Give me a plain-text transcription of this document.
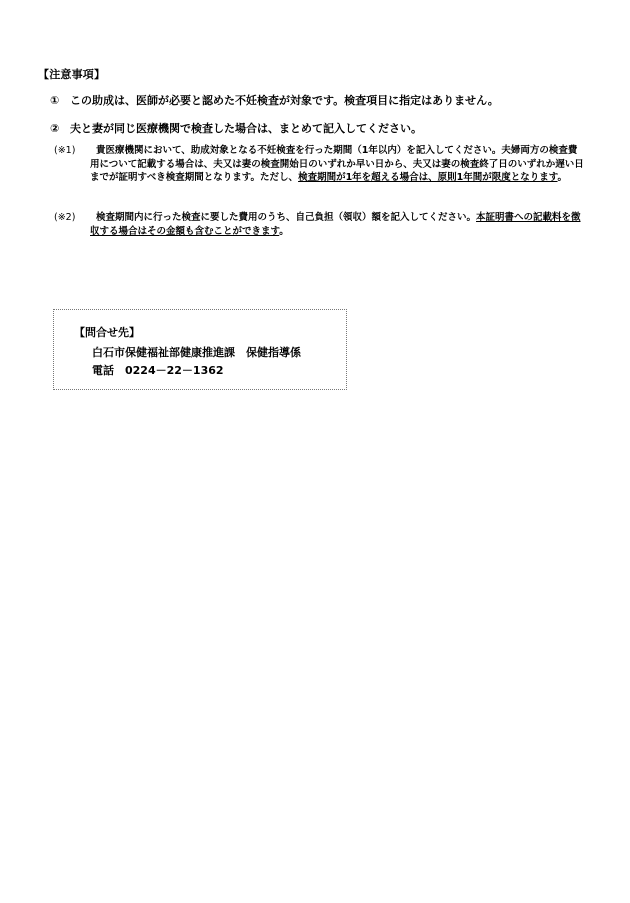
【注意事項】
① この助成は、医師が必要と認めた不妊検査が対象です。検査項目に指定はありません。
② 夫と妻が同じ医療機関で検査した場合は、まとめて記入してください。
(※1)	貴医療機関において、助成対象となる不妊検査を行った期間（1年以内）を記入してください。夫婦両方の検査費用について記載する場合は、夫又は妻の検査開始日のいずれか早い日から、夫又は妻の検査終了日のいずれか遅い日までが証明すべき検査期間となります。ただし、検査期間が1年を超える場合は、原則1年間が限度となります。
(※2)	検査期間内に行った検査に要した費用のうち、自己負担（領収）額を記入してください。本証明書への記載料を徴収する場合はその金額も含むことができます。
【問合せ先】
白石市保健福祉部健康推進課　保健指導係
電話　0224－22－1362
